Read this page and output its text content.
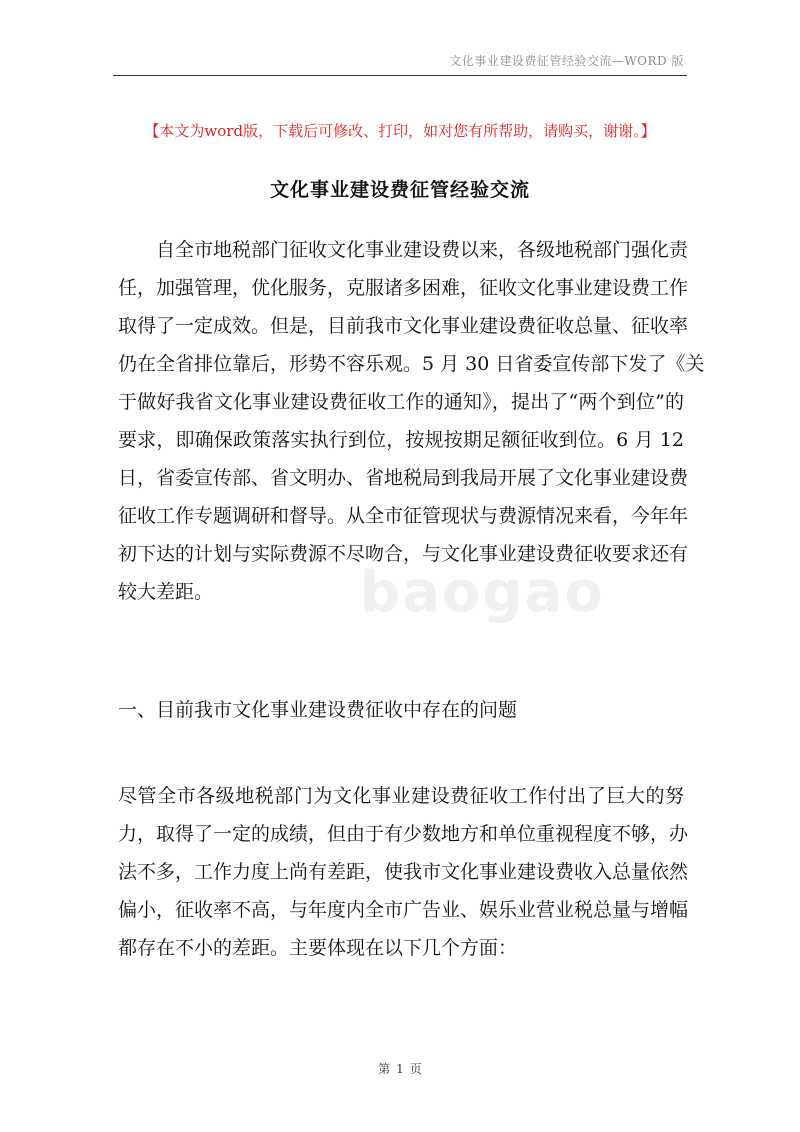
文化事业建设费征管经验交流—WORD 版
【本文为word版，下载后可修改、打印，如对您有所帮助，请购买，谢谢。】
文化事业建设费征管经验交流
自全市地税部门征收文化事业建设费以来，各级地税部门强化责
任，加强管理，优化服务，克服诸多困难，征收文化事业建设费工作
取得了一定成效。但是，目前我市文化事业建设费征收总量、征收率
仍在全省排位靠后，形势不容乐观。5 月 30 日省委宣传部下发了《关
于做好我省文化事业建设费征收工作的通知》，提出了“两个到位”的
要求，即确保政策落实执行到位，按规按期足额征收到位。6 月 12
日，省委宣传部、省文明办、省地税局到我局开展了文化事业建设费
征收工作专题调研和督导。从全市征管现状与费源情况来看，今年年
初下达的计划与实际费源不尽吻合，与文化事业建设费征收要求还有
较大差距。
一、目前我市文化事业建设费征收中存在的问题
尽管全市各级地税部门为文化事业建设费征收工作付出了巨大的努
力，取得了一定的成绩，但由于有少数地方和单位重视程度不够，办
法不多，工作力度上尚有差距，使我市文化事业建设费收入总量依然
偏小，征收率不高，与年度内全市广告业、娱乐业营业税总量与增幅
都存在不小的差距。主要体现在以下几个方面：
baogao
第 1 页
